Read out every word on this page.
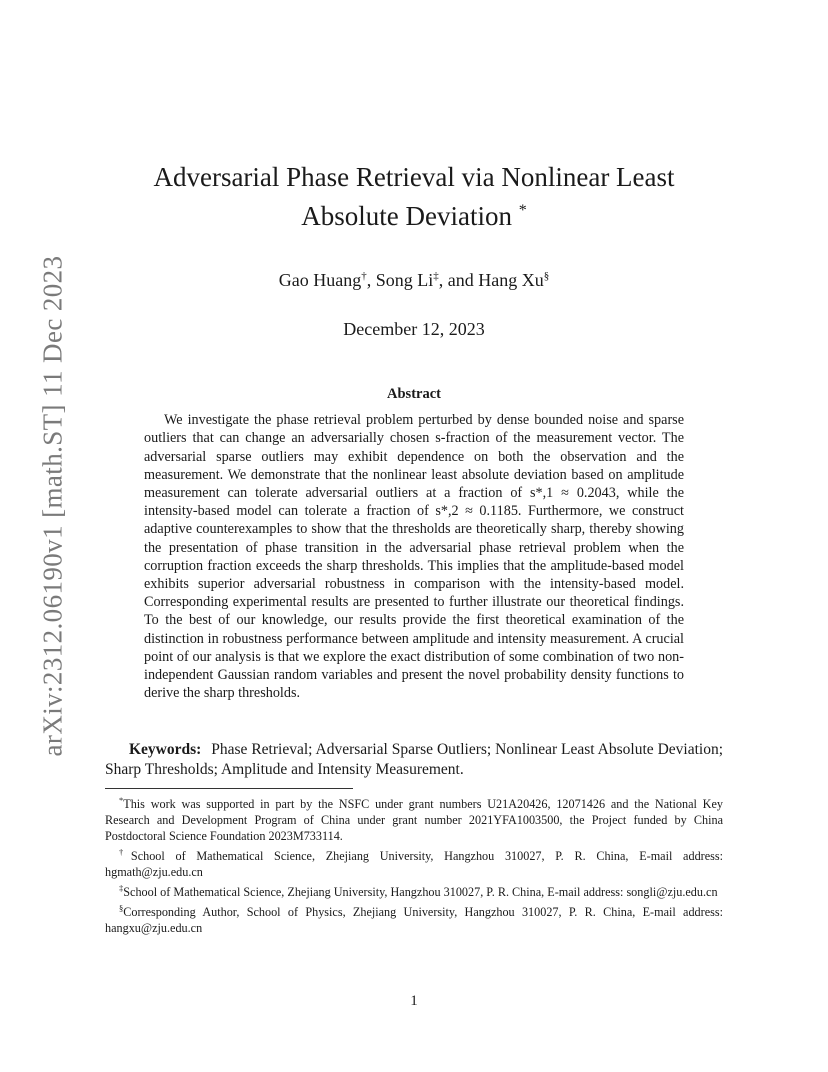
arXiv:2312.06190v1 [math.ST] 11 Dec 2023
Adversarial Phase Retrieval via Nonlinear Least
Absolute Deviation *
Gao Huang†, Song Li‡, and Hang Xu§
December 12, 2023
Abstract

We investigate the phase retrieval problem perturbed by dense bounded noise and sparse outliers that can change an adversarially chosen s-fraction of the measurement vector. The adversarial sparse outliers may exhibit dependence on both the observation and the measurement. We demonstrate that the nonlinear least absolute deviation based on amplitude measurement can tolerate adversarial outliers at a fraction of s*,1 ≈ 0.2043, while the intensity-based model can tolerate a fraction of s*,2 ≈ 0.1185. Furthermore, we construct adaptive counterexamples to show that the thresholds are theoretically sharp, thereby showing the presentation of phase transition in the adversarial phase retrieval problem when the corruption fraction exceeds the sharp thresholds. This implies that the amplitude-based model exhibits superior adversarial robustness in comparison with the intensity-based model. Corresponding experimental results are presented to further illustrate our theoretical findings. To the best of our knowledge, our results provide the first theoretical examination of the distinction in robustness performance between amplitude and intensity measurement. A crucial point of our analysis is that we explore the exact distribution of some combination of two non-independent Gaussian random variables and present the novel probability density functions to derive the sharp thresholds.

Keywords: Phase Retrieval; Adversarial Sparse Outliers; Nonlinear Least Absolute Deviation; Sharp Thresholds; Amplitude and Intensity Measurement.

*This work was supported in part by the NSFC under grant numbers U21A20426, 12071426 and the National Key Research and Development Program of China under grant number 2021YFA1003500, the Project funded by China Postdoctoral Science Foundation 2023M733114.

†School of Mathematical Science, Zhejiang University, Hangzhou 310027, P. R. China, E-mail address: hgmath@zju.edu.cn

‡School of Mathematical Science, Zhejiang University, Hangzhou 310027, P. R. China, E-mail address: songli@zju.edu.cn

§Corresponding Author, School of Physics, Zhejiang University, Hangzhou 310027, P. R. China, E-mail address: hangxu@zju.edu.cn

1
